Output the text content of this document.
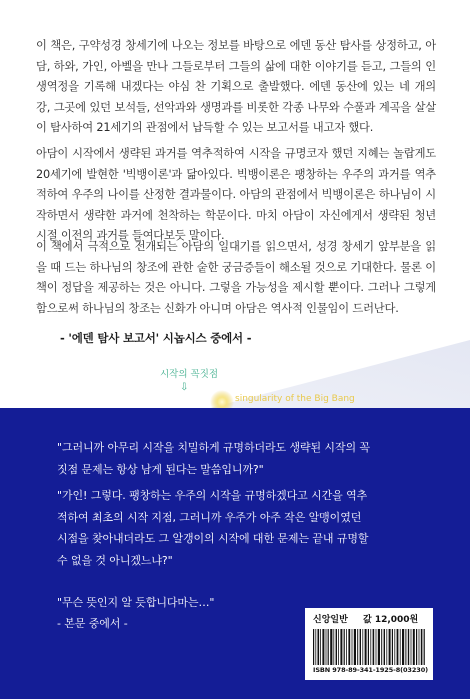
이 책은, 구약성경 창세기에 나오는 정보를 바탕으로 에덴 동산 탐사를 상정하고, 아담, 하와, 가인, 아벨을 만나 그들로부터 그들의 삶에 대한 이야기를 듣고, 그들의 인생역정을 기록해 내겠다는 야심 찬 기획으로 출발했다. 에덴 동산에 있는 네 개의 강, 그곳에 있던 보석들, 선악과와 생명과를 비롯한 각종 나무와 수풀과 계곡을 살살이 탐사하여 21세기의 관점에서 납득할 수 있는 보고서를 내고자 했다.

아담이 시작에서 생략된 과거를 역추적하여 시작을 규명코자 했던 지혜는 놀랍게도 20세기에 발현한 '빅뱅이론'과 닮아있다. 빅뱅이론은 팽창하는 우주의 과거를 역추적하여 우주의 나이를 산정한 결과물이다. 아담의 관점에서 빅뱅이론은 하나님이 시작하면서 생략한 과거에 천착하는 학문이다. 마치 아담이 자신에게서 생략된 청년 시절 이전의 과거를 들여다보듯 말이다.

이 책에서 극적으로 전개되는 아담의 일대기를 읽으면서, 성경 창세기 앞부분을 읽을 때 드는 하나님의 창조에 관한 숱한 궁금증들이 해소될 것으로 기대한다. 물론 이 책이 정답을 제공하는 것은 아니다. 그렇을 가능성을 제시할 뿐이다. 그러나 그렇게 함으로써 하나님의 창조는 신화가 아니며 아담은 역사적 인물임이 드러난다.

- '에덴 탐사 보고서' 시놉시스 중에서 -
시작의 꼭짓점
⇩
singularity of the Big Bang

"그러니까 아무리 시작을 치밀하게 규명하더라도 생략된 시작의 꼭짓점 문제는 항상 남게 된다는 말씀입니까?"

"가인! 그렇다. 팽창하는 우주의 시작을 규명하겠다고 시간을 역추적하여 최초의 시작 지점, 그러니까 우주가 아주 작은 알맹이였던 시점을 찾아내더라도 그 알갱이의 시작에 대한 문제는 끝내 규명할 수 없을 것 아니겠느냐?"

"무슨 뜻인지 알 듯합니다마는…"

- 본문 중에서 -	신앙일반 값 12,000원
ISBN 978-89-341-1925-8(03230)
